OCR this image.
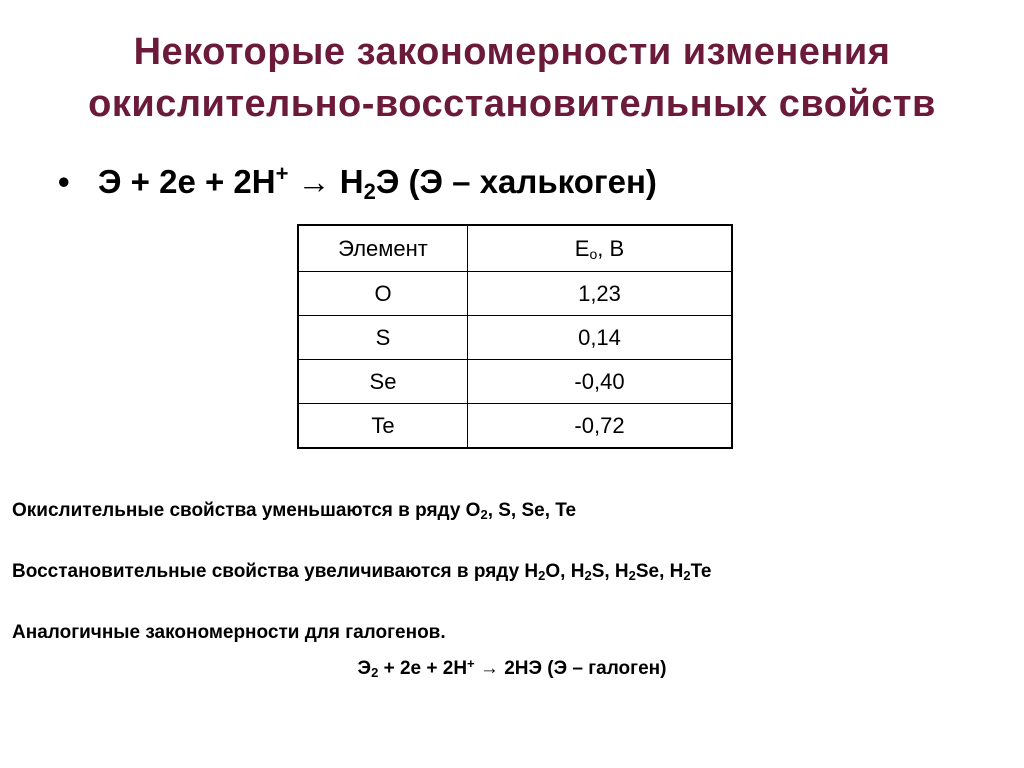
Некоторые закономерности изменения
окислительно-восстановительных свойств
• $Э + 2e + 2H^+ \to H_2Э$ (Э – халькоген)
Элемент	$E_o$, В
O	1,23
S	0,14
Se	-0,40
Te	-0,72
Окислительные свойства уменьшаются в ряду $O_2$, S, Se, Te
Восстановительные свойства увеличиваются в ряду $H_2O$, $H_2S$, $H_2Se$, $H_2Te$
Аналогичные закономерности для галогенов.
$Э_2 + 2e + 2H^+ \to 2HЭ$ (Э – галоген)
